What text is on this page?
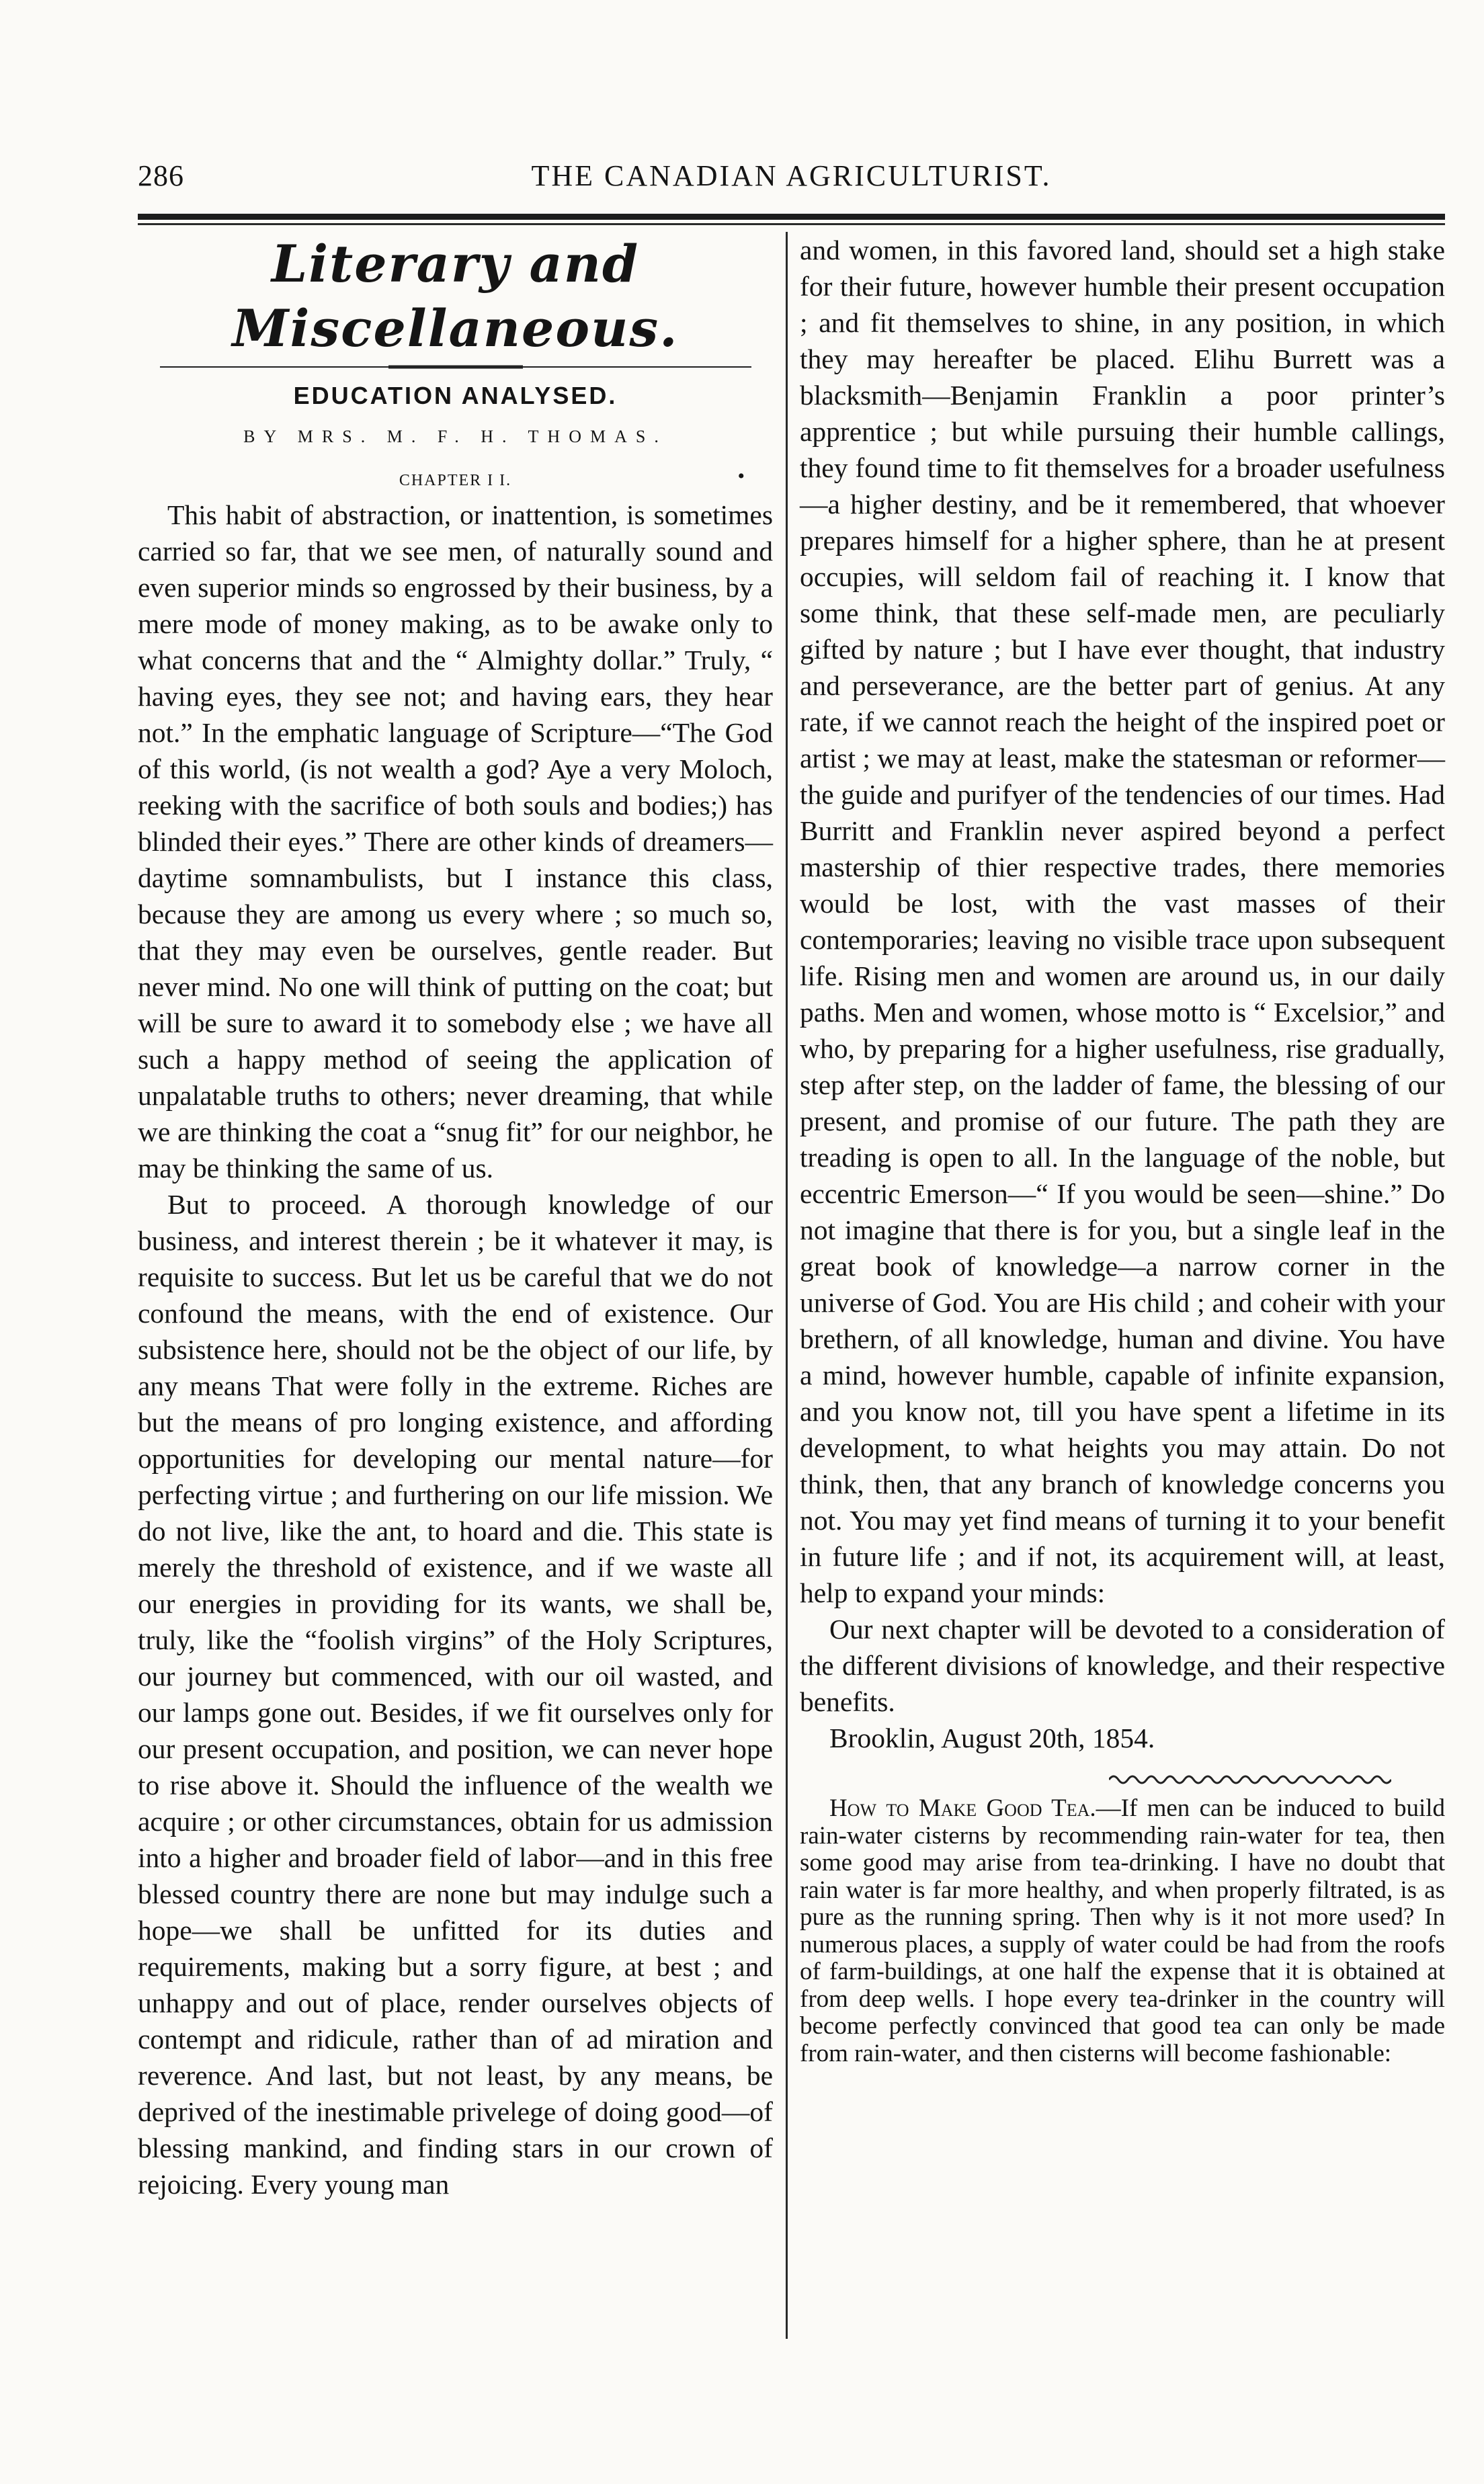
286	THE CANADIAN AGRICULTURIST.
Literary and Miscellaneous.
EDUCATION ANALYSED.
BY MRS. M. F. H. THOMAS.
CHAPTER I I.	•

This habit of abstraction, or inattention, is sometimes carried so far, that we see men, of naturally sound and even superior minds so engrossed by their business, by a mere mode of money making, as to be awake only to what concerns that and the “ Almighty dollar.” Truly, “ having eyes, they see not; and having ears, they hear not.” In the emphatic language of Scripture—“The God of this world, (is not wealth a god? Aye a very Moloch, reeking with the sacrifice of both souls and bodies;) has blinded their eyes.” There are other kinds of dreamers—daytime somnambulists, but I instance this class, because they are among us every where ; so much so, that they may even be ourselves, gentle reader. But never mind. No one will think of putting on the coat; but will be sure to award it to somebody else ; we have all such a happy method of seeing the application of unpalatable truths to others; never dreaming, that while we are thinking the coat a “snug fit” for our neighbor, he may be thinking the same of us.

But to proceed. A thorough knowledge of our business, and interest therein ; be it whatever it may, is requisite to success. But let us be careful that we do not confound the means, with the end of existence. Our subsistence here, should not be the object of our life, by any means That were folly in the extreme. Riches are but the means of pro longing existence, and affording opportunities for developing our mental nature—for perfecting virtue ; and furthering on our life mission. We do not live, like the ant, to hoard and die. This state is merely the threshold of existence, and if we waste all our energies in providing for its wants, we shall be, truly, like the “foolish virgins” of the Holy Scriptures, our journey but commenced, with our oil wasted, and our lamps gone out. Besides, if we fit ourselves only for our present occupation, and position, we can never hope to rise above it. Should the influence of the wealth we acquire ; or other circumstances, obtain for us admission into a higher and broader field of labor—and in this free blessed country there are none but may indulge such a hope—we shall be unfitted for its duties and requirements, making but a sorry figure, at best ; and unhappy and out of place, render ourselves objects of contempt and ridicule, rather than of ad miration and reverence. And last, but not least, by any means, be deprived of the inestimable privelege of doing good—of blessing mankind, and finding stars in our crown of rejoicing. Every young man

and women, in this favored land, should set a high stake for their future, however humble their present occupation ; and fit themselves to shine, in any position, in which they may hereafter be placed. Elihu Burrett was a blacksmith—Benjamin Franklin a poor printer’s apprentice ; but while pursuing their humble callings, they found time to fit themselves for a broader usefulness—a higher destiny, and be it remembered, that whoever prepares himself for a higher sphere, than he at present occupies, will seldom fail of reaching it. I know that some think, that these self-made men, are peculiarly gifted by nature ; but I have ever thought, that industry and perseverance, are the better part of genius. At any rate, if we cannot reach the height of the inspired poet or artist ; we may at least, make the statesman or reformer—the guide and purifyer of the tendencies of our times. Had Burritt and Franklin never aspired beyond a perfect mastership of thier respective trades, there memories would be lost, with the vast masses of their contemporaries; leaving no visible trace upon subsequent life. Rising men and women are around us, in our daily paths. Men and women, whose motto is “ Excelsior,” and who, by preparing for a higher usefulness, rise gradually, step after step, on the ladder of fame, the blessing of our present, and promise of our future. The path they are treading is open to all. In the language of the noble, but eccentric Emerson—“ If you would be seen—shine.” Do not imagine that there is for you, but a single leaf in the great book of knowledge—a narrow corner in the universe of God. You are His child ; and coheir with your brethern, of all knowledge, human and divine. You have a mind, however humble, capable of infinite expansion, and you know not, till you have spent a lifetime in its development, to what heights you may attain. Do not think, then, that any branch of knowledge concerns you not. You may yet find means of turning it to your benefit in future life ; and if not, its acquirement will, at least, help to expand your minds:

Our next chapter will be devoted to a consideration of the different divisions of knowledge, and their respective benefits.

Brooklin, August 20th, 1854.

How to Make Good Tea.—If men can be induced to build rain-water cisterns by recommending rain-water for tea, then some good may arise from tea-drinking. I have no doubt that rain water is far more healthy, and when properly filtrated, is as pure as the running spring. Then why is it not more used? In numerous places, a supply of water could be had from the roofs of farm-buildings, at one half the expense that it is obtained at from deep wells. I hope every tea-drinker in the country will become perfectly convinced that good tea can only be made from rain-water, and then cisterns will become fashionable:
